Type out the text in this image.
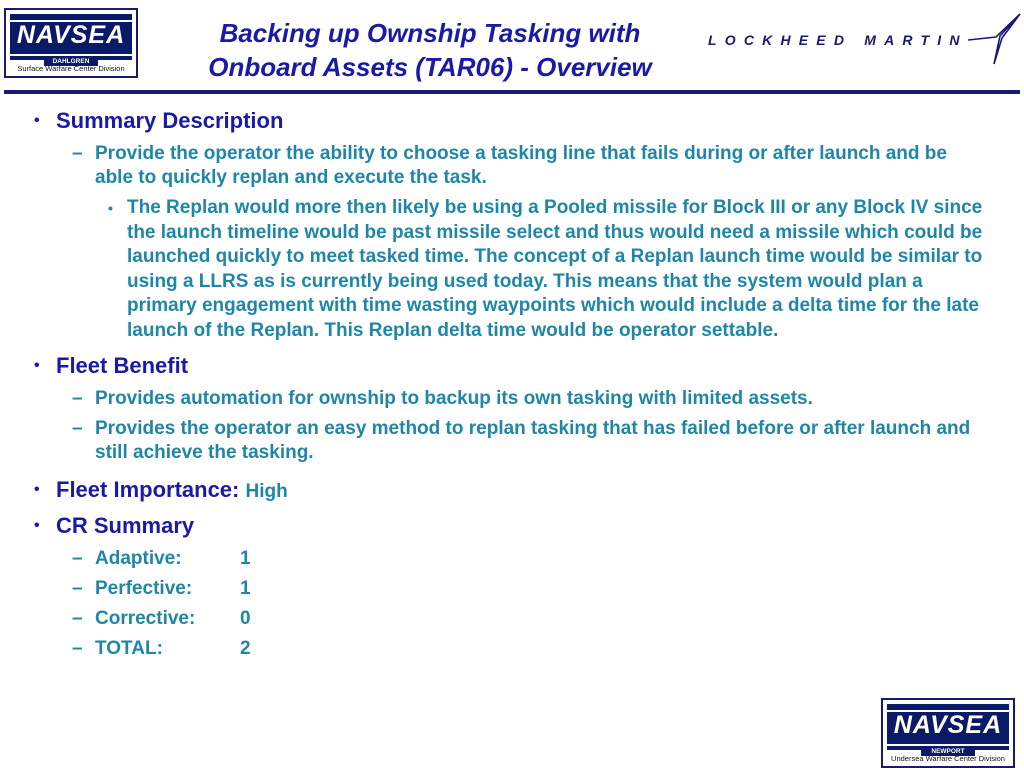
NAVSEA
DAHLGREN
Surface Warfare Center Division
Backing up Ownship Tasking with
Onboard Assets (TAR06) - Overview
LOCKHEED MARTIN
• Summary Description
– Provide the operator the ability to choose a tasking line that fails during or after launch and be able to quickly replan and execute the task.
• The Replan would more then likely be using a Pooled missile for Block III or any Block IV since the launch timeline would be past missile select and thus would need a missile which could be launched quickly to meet tasked time. The concept of a Replan launch time would be similar to using a LLRS as is currently being used today. This means that the system would plan a primary engagement with time wasting waypoints which would include a delta time for the late launch of the Replan. This Replan delta time would be operator settable.
• Fleet Benefit
– Provides automation for ownship to backup its own tasking with limited assets.
– Provides the operator an easy method to replan tasking that has failed before or after launch and still achieve the tasking.
• Fleet Importance: High
• CR Summary
– Adaptive:	1
– Perfective:	1
– Corrective: 0
– TOTAL:	2
NAVSEA
NEWPORT
Undersea Warfare Center Division
